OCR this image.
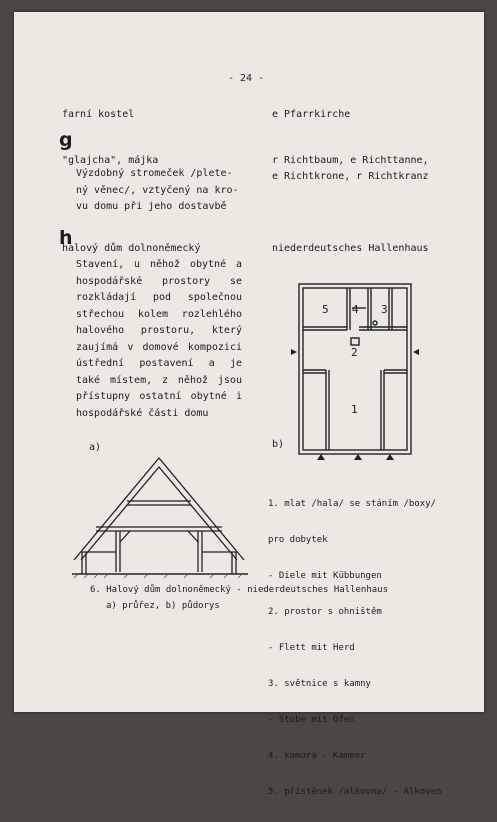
- 24 -
farní kostel	e Pfarrkirche
g
"glajcha", májka	r Richtbaum, e Richttanne,
e Richtkrone, r Richtkranz
Výzdobný stromeček /plete-
ný věnec/, vztyčený na kro-
vu domu při jeho dostavbě
h
halový dům dolnoněmecký	niederdeutsches Hallenhaus
Stavení, u něhož obytné a
hospodářské prostory se
rozkládají pod společnou
střechou kolem rozlehlého
halového prostoru, který
zaujímá v domové kompozici
ústřední postavení a je
také místem, z něhož jsou
přístupny ostatní obytné i
hospodářské části domu
5 4 3
2
1
a)	b)

1. mlat /hala/ se stáním /boxy/

pro dobytek

- Diele mit Kübbungen

2. prostor s ohništěm

- Flett mit Herd

3. světnice s kamny

- Stube mit Ofen

4. komora - Kammer

5. přístěnek /alkovna/ - Alkoven

6. Halový dům dolnoněmecký - niederdeutsches Hallenhaus
a) průřez, b) půdorys
